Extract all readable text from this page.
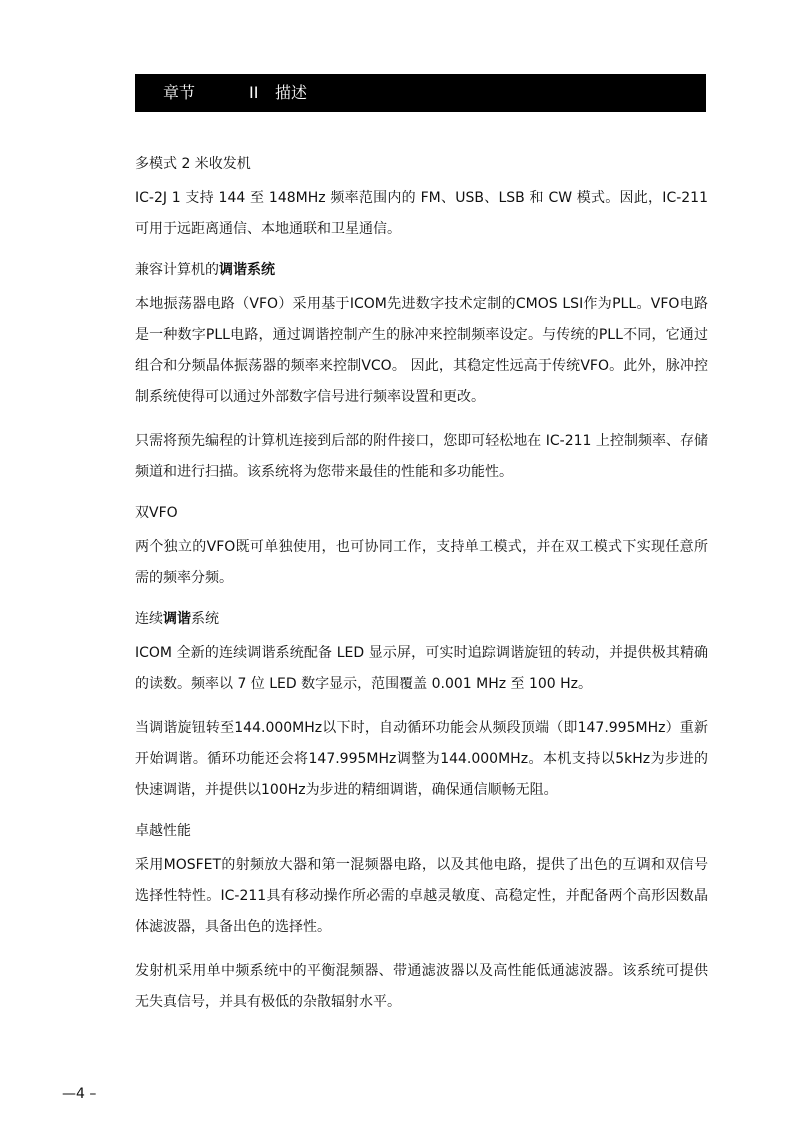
章节	II 描述
多模式 2 米收发机
IC-2J 1 支持 144 至 148MHz 频率范围内的 FM、USB、LSB 和 CW 模式。因此，IC-211 可用于远距离通信、本地通联和卫星通信。
兼容计算机的调谐系统
本地振荡器电路（VFO）采用基于ICOM先进数字技术定制的CMOS LSI作为PLL。VFO电路是一种数字PLL电路，通过调谐控制产生的脉冲来控制频率设定。与传统的PLL不同，它通过组合和分频晶体振荡器的频率来控制VCO。 因此，其稳定性远高于传统VFO。此外，脉冲控制系统使得可以通过外部数字信号进行频率设置和更改。
只需将预先编程的计算机连接到后部的附件接口，您即可轻松地在 IC-211 上控制频率、存储频道和进行扫描。该系统将为您带来最佳的性能和多功能性。
双VFO
两个独立的VFO既可单独使用，也可协同工作，支持单工模式，并在双工模式下实现任意所需的频率分频。
连续调谐系统
ICOM 全新的连续调谐系统配备 LED 显示屏，可实时追踪调谐旋钮的转动，并提供极其精确的读数。频率以 7 位 LED 数字显示，范围覆盖 0.001 MHz 至 100 Hz。
当调谐旋钮转至144.000MHz以下时，自动循环功能会从频段顶端（即147.995MHz）重新开始调谐。循环功能还会将147.995MHz调整为144.000MHz。本机支持以5kHz为步进的快速调谐，并提供以100Hz为步进的精细调谐，确保通信顺畅无阻。
卓越性能
采用MOSFET的射频放大器和第一混频器电路，以及其他电路，提供了出色的互调和双信号选择性特性。IC-211具有移动操作所必需的卓越灵敏度、高稳定性，并配备两个高形因数晶体滤波器，具备出色的选择性。
发射机采用单中频系统中的平衡混频器、带通滤波器以及高性能低通滤波器。该系统可提供无失真信号，并具有极低的杂散辐射水平。
—4 –
